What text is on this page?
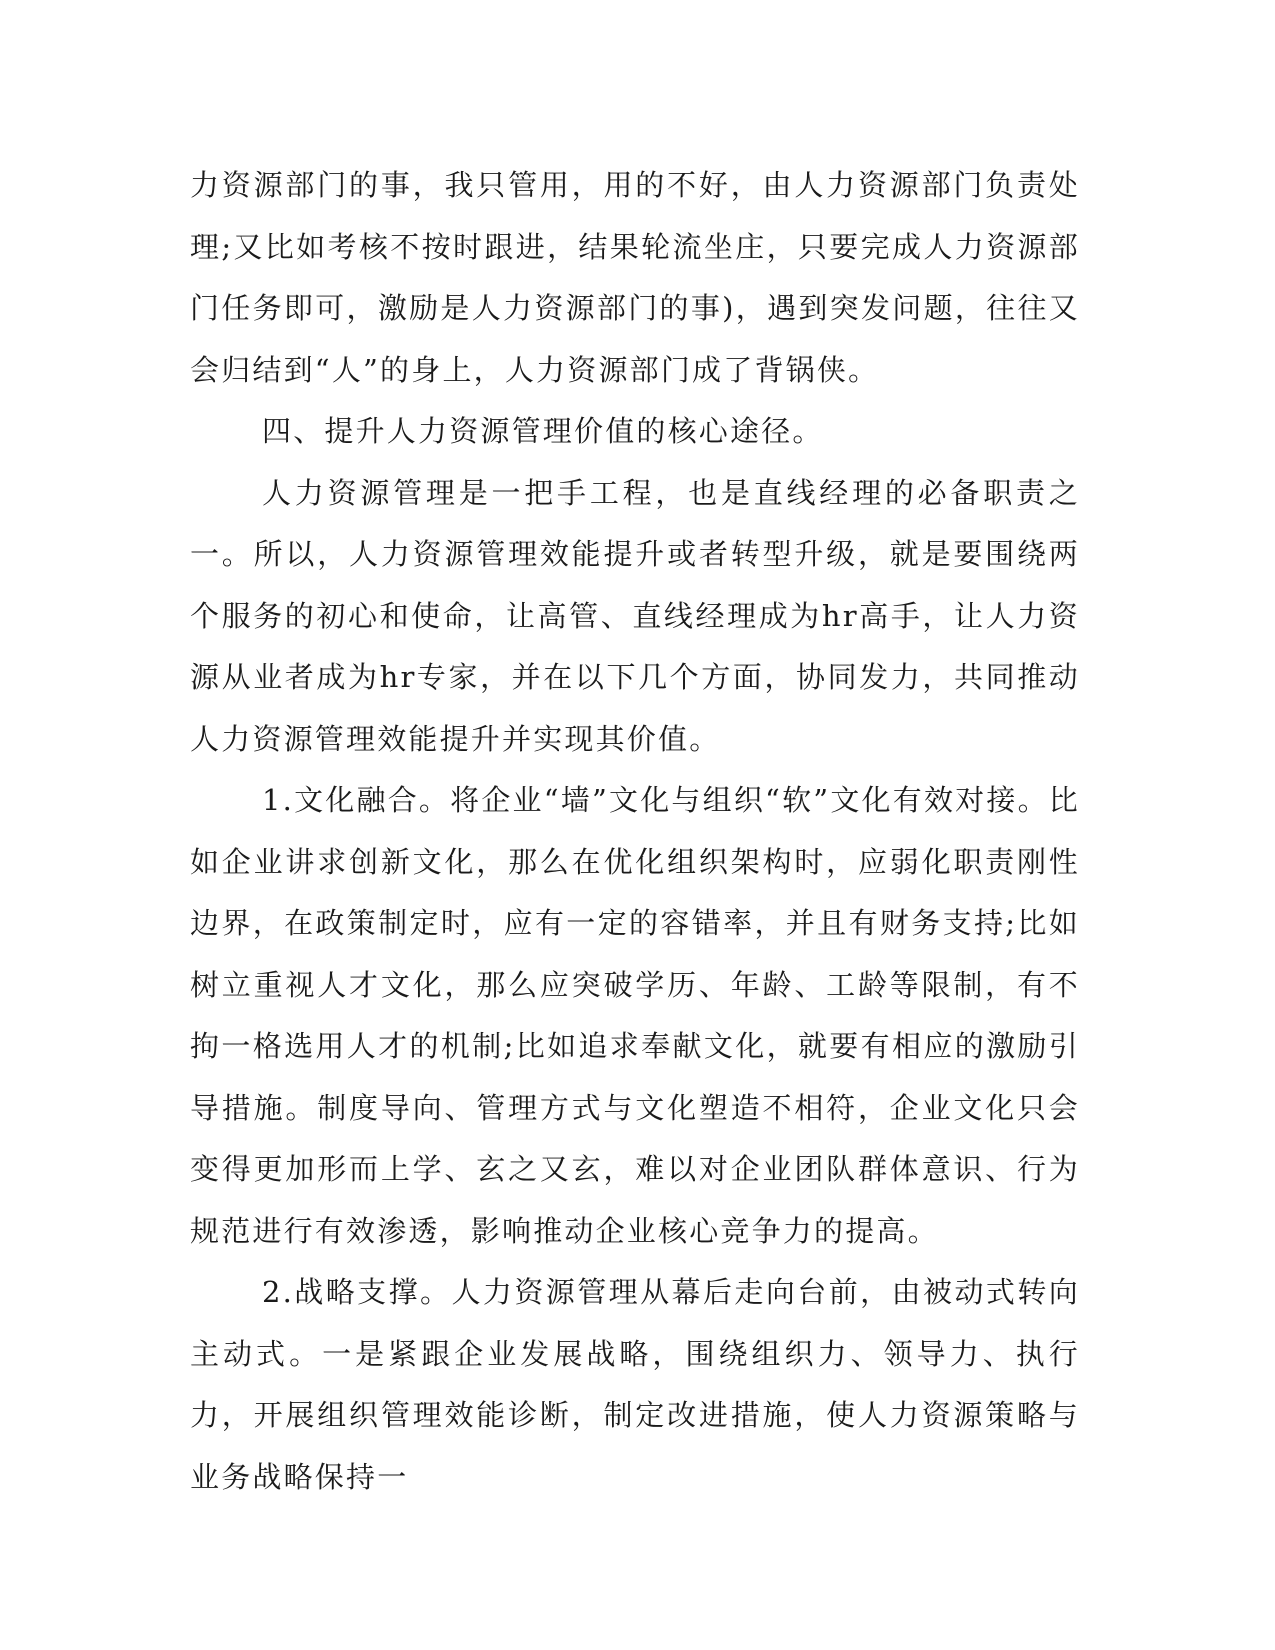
力资源部门的事，我只管用，用的不好，由人力资源部门负责处理;又比如考核不按时跟进，结果轮流坐庄，只要完成人力资源部门任务即可，激励是人力资源部门的事)，遇到突发问题，往往又会归结到“人”的身上，人力资源部门成了背锅侠。

四、提升人力资源管理价值的核心途径。

人力资源管理是一把手工程，也是直线经理的必备职责之一。所以，人力资源管理效能提升或者转型升级，就是要围绕两个服务的初心和使命，让高管、直线经理成为hr高手，让人力资源从业者成为hr专家，并在以下几个方面，协同发力，共同推动人力资源管理效能提升并实现其价值。

1.文化融合。将企业“墙”文化与组织“软”文化有效对接。比如企业讲求创新文化，那么在优化组织架构时，应弱化职责刚性边界，在政策制定时，应有一定的容错率，并且有财务支持;比如树立重视人才文化，那么应突破学历、年龄、工龄等限制，有不拘一格选用人才的机制;比如追求奉献文化，就要有相应的激励引导措施。制度导向、管理方式与文化塑造不相符，企业文化只会变得更加形而上学、玄之又玄，难以对企业团队群体意识、行为规范进行有效渗透，影响推动企业核心竞争力的提高。

2.战略支撑。人力资源管理从幕后走向台前，由被动式转向主动式。一是紧跟企业发展战略，围绕组织力、领导力、执行力，开展组织管理效能诊断，制定改进措施，使人力资源策略与业务战略保持一
